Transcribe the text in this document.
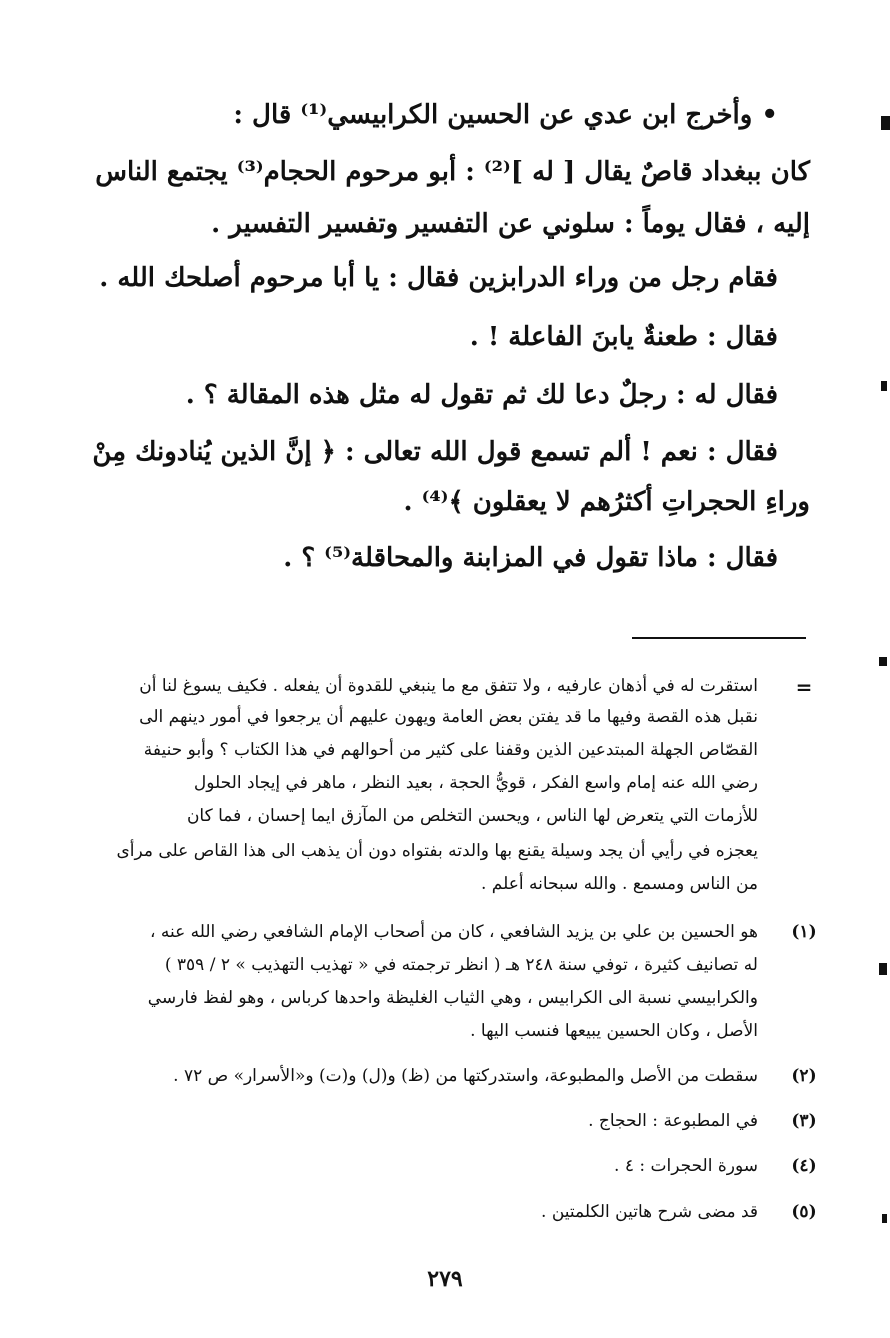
• وأخرج ابن عدي عن الحسين الكرابيسي⁽¹⁾ قال :
كان ببغداد قاصٌ يقال [ له ]⁽²⁾ : أبو مرحوم الحجام⁽³⁾ يجتمع الناس
إليه ، فقال يوماً : سلوني عن التفسير وتفسير التفسير .
فقام رجل من وراء الدرابزين فقال : يا أبا مرحوم أصلحك الله .
فقال : طعنةٌ يابنَ الفاعلة ! .
فقال له : رجلٌ دعا لك ثم تقول له مثل هذه المقالة ؟ .
فقال : نعم ! ألم تسمع قول الله تعالى : ﴿ إنَّ الذين يُنادونك مِنْ
وراءِ الحجراتِ أكثرُهم لا يعقلون ﴾⁽⁴⁾ .
فقال : ماذا تقول في المزابنة والمحاقلة⁽⁵⁾ ؟ .
=
استقرت له في أذهان عارفيه ، ولا تتفق مع ما ينبغي للقدوة أن يفعله . فكيف يسوغ لنا أن
نقبل هذه القصة وفيها ما قد يفتن بعض العامة ويهون عليهم أن يرجعوا في أمور دينهم الى
القصّاص الجهلة المبتدعين الذين وقفنا على كثير من أحوالهم في هذا الكتاب ؟ وأبو حنيفة
رضي الله عنه إمام واسع الفكر ، قويُّ الحجة ، بعيد النظر ، ماهر في إيجاد الحلول
للأزمات التي يتعرض لها الناس ، ويحسن التخلص من المآزق ايما إحسان ، فما كان
يعجزه في رأيي أن يجد وسيلة يقنع بها والدته بفتواه دون أن يذهب الى هذا القاص على مرأى
من الناس ومسمع . والله سبحانه أعلم .
(١)
هو الحسين بن علي بن يزيد الشافعي ، كان من أصحاب الإمام الشافعي رضي الله عنه ،
له تصانيف كثيرة ، توفي سنة ٢٤٨ هـ ( انظر ترجمته في « تهذيب التهذيب » ٢ / ٣٥٩ )
والكرابيسي نسبة الى الكرابيس ، وهي الثياب الغليظة واحدها كرباس ، وهو لفظ فارسي
الأصل ، وكان الحسين يبيعها فنسب اليها .
(٢)
سقطت من الأصل والمطبوعة، واستدركتها من (ظ) و(ل) و(ت) و«الأسرار» ص ٧٢ .
(٣)
في المطبوعة : الحجاج .
(٤)
سورة الحجرات : ٤ .
(٥)
قد مضى شرح هاتين الكلمتين .
٢٧٩
